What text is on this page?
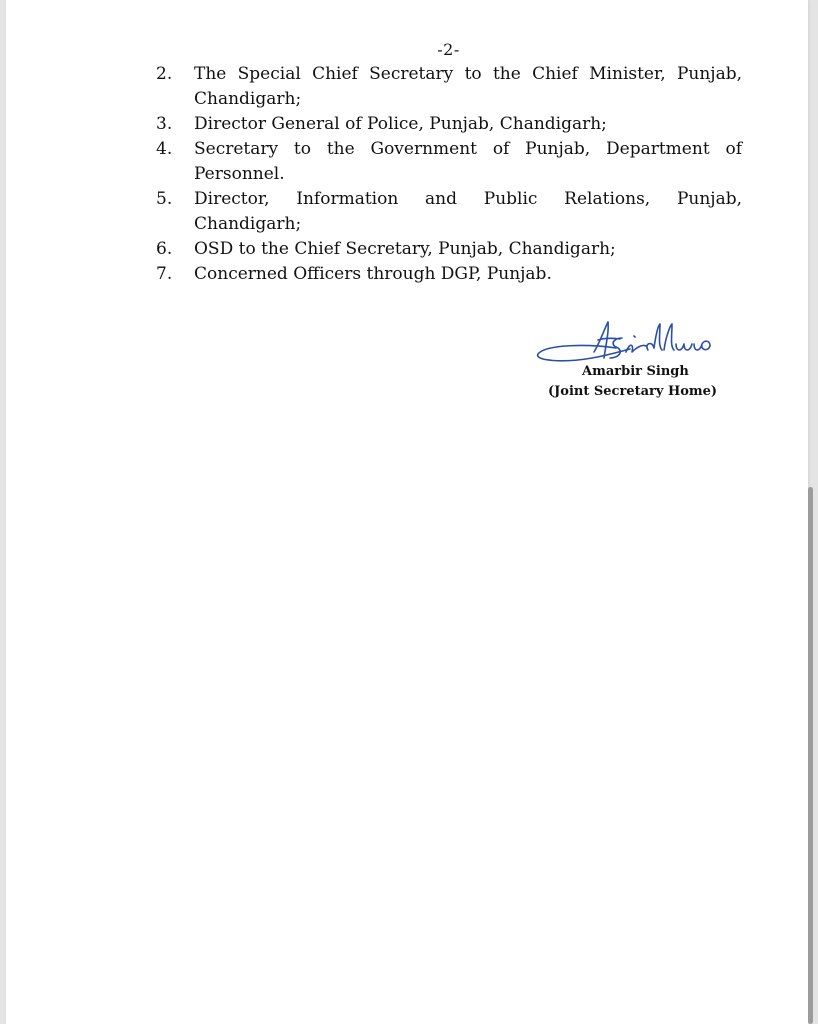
-2-
2.	The Special Chief Secretary to the Chief Minister, Punjab, Chandigarh;
3.	Director General of Police, Punjab, Chandigarh;
4.	Secretary to the Government of Punjab, Department of Personnel.
5.	Director, Information and Public Relations, Punjab, Chandigarh;
6.	OSD to the Chief Secretary, Punjab, Chandigarh;
7.	Concerned Officers through DGP, Punjab.
Amarbir Singh
(Joint Secretary Home)
